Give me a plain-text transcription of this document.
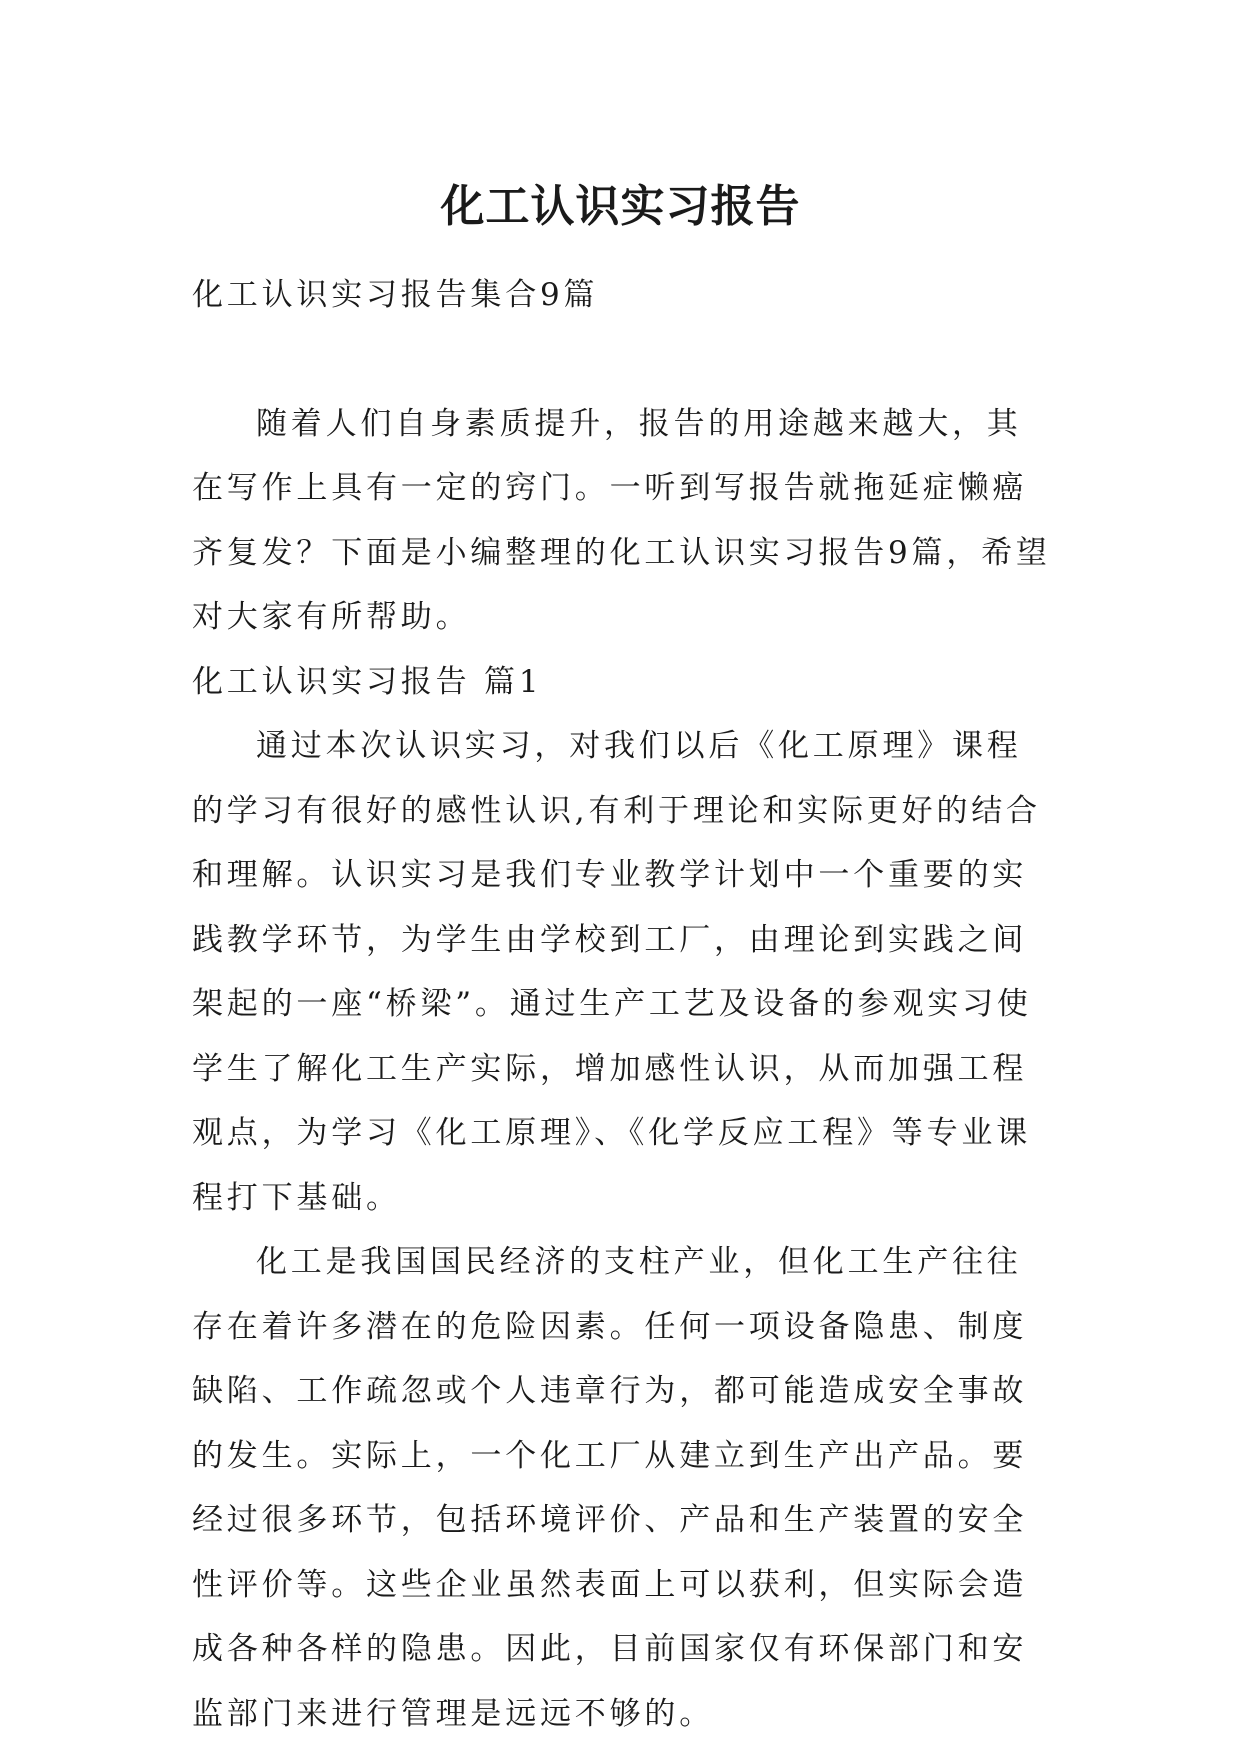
化工认识实习报告

化工认识实习报告集合9篇

随着人们自身素质提升，报告的用途越来越大，其在写作上具有一定的窍门。一听到写报告就拖延症懒癌齐复发？下面是小编整理的化工认识实习报告9篇，希望对大家有所帮助。

化工认识实习报告 篇1

通过本次认识实习，对我们以后《化工原理》课程的学习有很好的感性认识,有利于理论和实际更好的结合和理解。认识实习是我们专业教学计划中一个重要的实践教学环节，为学生由学校到工厂，由理论到实践之间架起的一座“桥梁”。通过生产工艺及设备的参观实习使学生了解化工生产实际，增加感性认识，从而加强工程观点，为学习《化工原理》、《化学反应工程》等专业课程打下基础。

化工是我国国民经济的支柱产业，但化工生产往往存在着许多潜在的危险因素。任何一项设备隐患、制度缺陷、工作疏忽或个人违章行为，都可能造成安全事故的发生。实际上，一个化工厂从建立到生产出产品。要经过很多环节，包括环境评价、产品和生产装置的安全性评价等。这些企业虽然表面上可以获利，但实际会造成各种各样的隐患。因此，目前国家仅有环保部门和安监部门来进行管理是远远不够的。
